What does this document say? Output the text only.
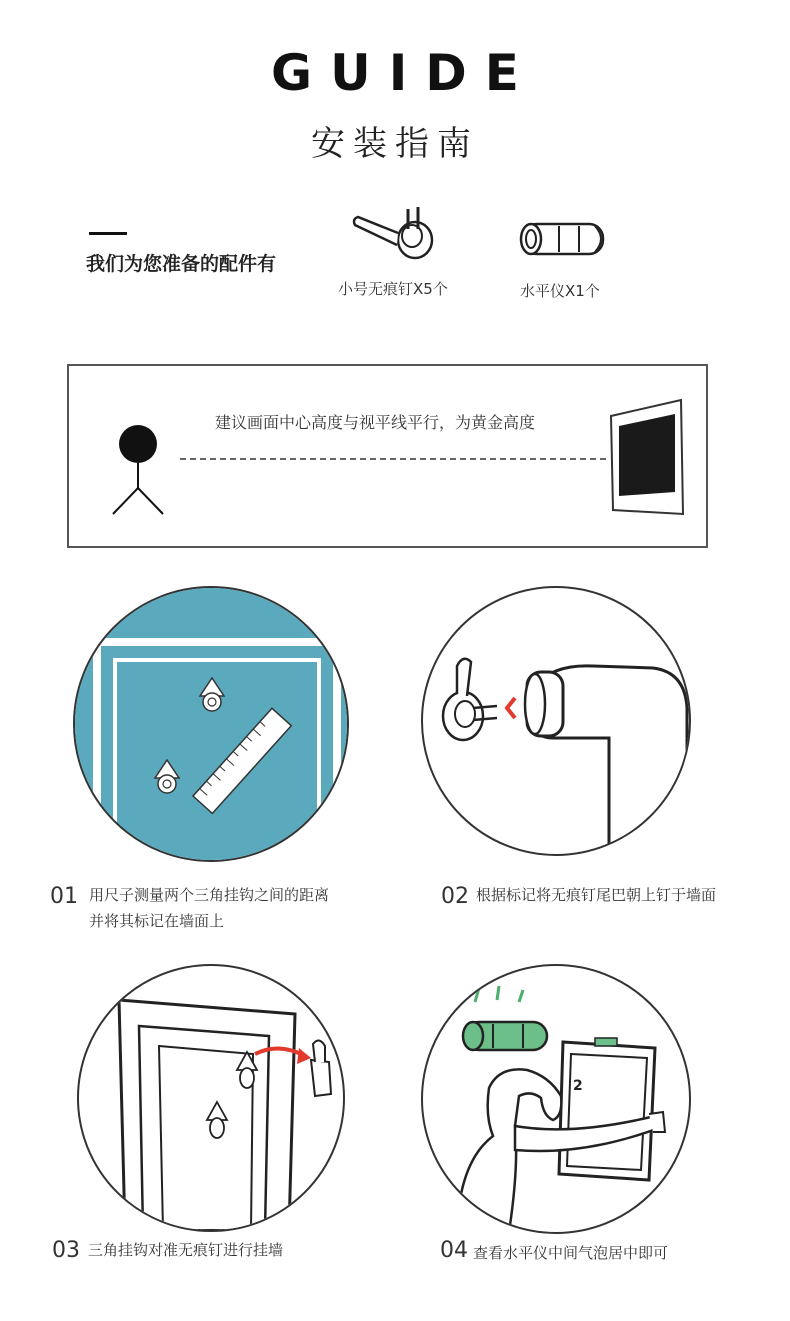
GUIDE
安装指南
我们为您准备的配件有
小号无痕钉X5个	水平仪X1个
建议画面中心高度与视平线平行，为黄金高度
01 用尺子测量两个三角挂钩之间的距离
并将其标记在墙面上
02 根据标记将无痕钉尾巴朝上钉于墙面
03 三角挂钩对准无痕钉进行挂墙
2
04 查看水平仪中间气泡居中即可
